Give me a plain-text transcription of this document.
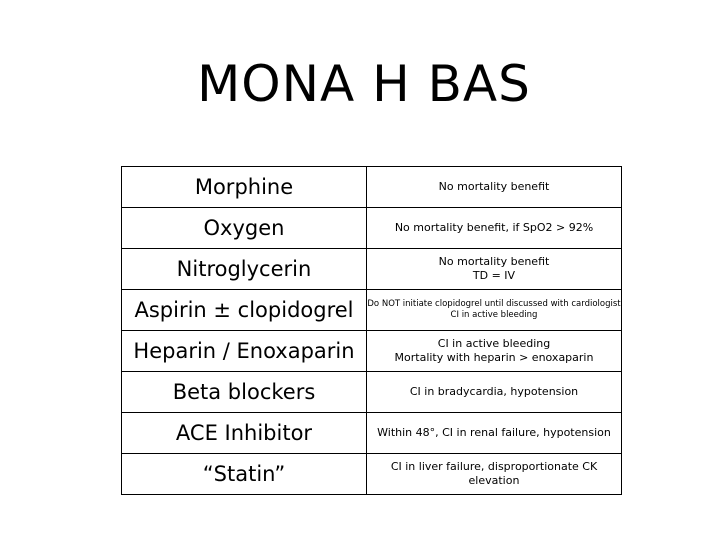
MONA H BAS
Morphine	No mortality benefit

Oxygen	No mortality benefit, if SpO2 > 92%

Nitroglycerin	No mortality benefit
TD = IV

Aspirin ± clopidogrel	Do NOT initiate clopidogrel until discussed with cardiologist
CI in active bleeding

Heparin / Enoxaparin	CI in active bleeding
Mortality with heparin > enoxaparin

Beta blockers	CI in bradycardia, hypotension

ACE Inhibitor	Within 48°, CI in renal failure, hypotension

“Statin”	CI in liver failure, disproportionate CK elevation
